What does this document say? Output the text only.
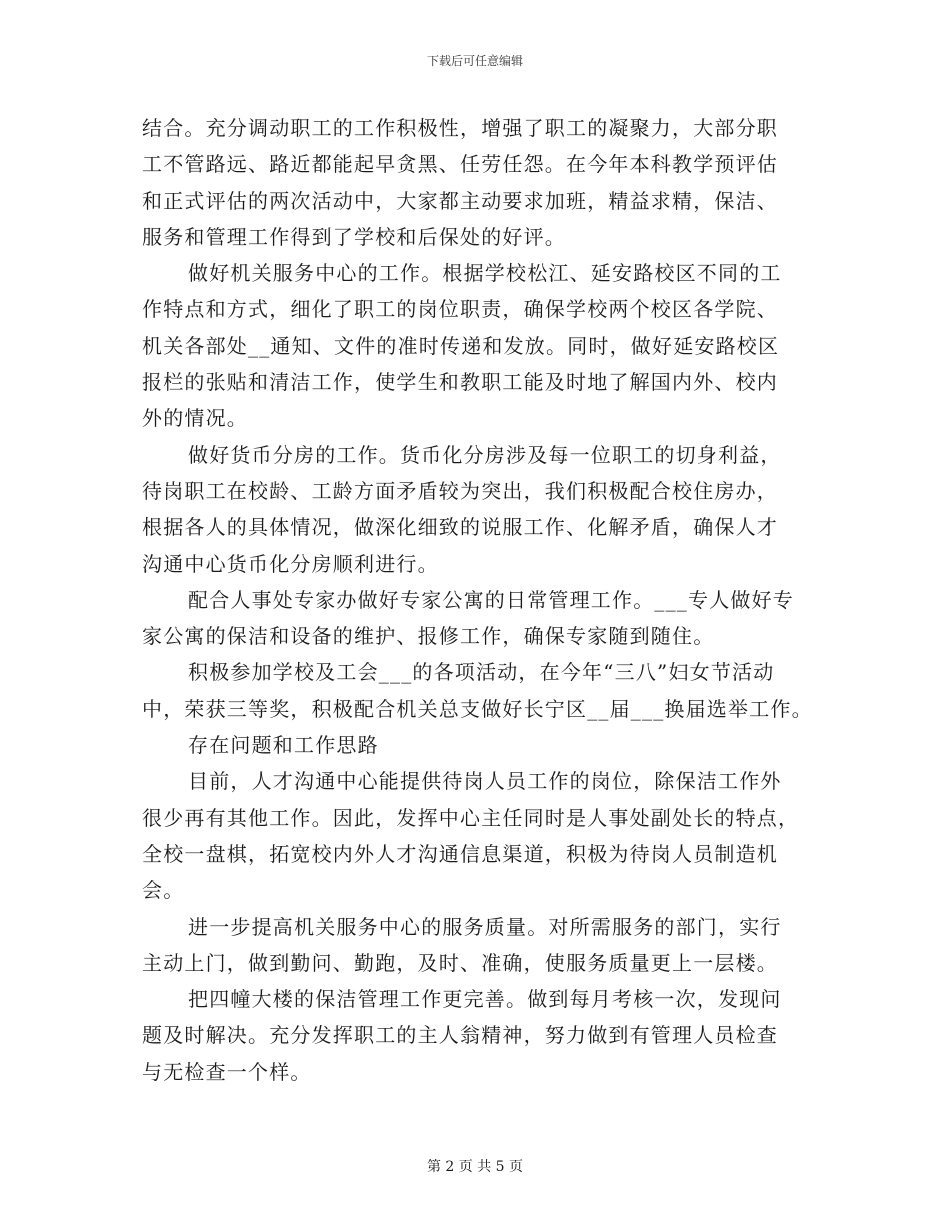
下载后可任意编辑
结合。充分调动职工的工作积极性，增强了职工的凝聚力，大部分职
工不管路远、路近都能起早贪黑、任劳任怨。在今年本科教学预评估
和正式评估的两次活动中，大家都主动要求加班，精益求精，保洁、
服务和管理工作得到了学校和后保处的好评。
做好机关服务中心的工作。根据学校松江、延安路校区不同的工
作特点和方式，细化了职工的岗位职责，确保学校两个校区各学院、
机关各部处__通知、文件的准时传递和发放。同时，做好延安路校区
报栏的张贴和清洁工作，使学生和教职工能及时地了解国内外、校内
外的情况。
做好货币分房的工作。货币化分房涉及每一位职工的切身利益，
待岗职工在校龄、工龄方面矛盾较为突出，我们积极配合校住房办，
根据各人的具体情况，做深化细致的说服工作、化解矛盾，确保人才
沟通中心货币化分房顺利进行。
配合人事处专家办做好专家公寓的日常管理工作。___专人做好专
家公寓的保洁和设备的维护、报修工作，确保专家随到随住。
积极参加学校及工会___的各项活动，在今年“三八”妇女节活动
中，荣获三等奖，积极配合机关总支做好长宁区__届___换届选举工作。
存在问题和工作思路
目前，人才沟通中心能提供待岗人员工作的岗位，除保洁工作外
很少再有其他工作。因此，发挥中心主任同时是人事处副处长的特点，
全校一盘棋，拓宽校内外人才沟通信息渠道，积极为待岗人员制造机
会。
进一步提高机关服务中心的服务质量。对所需服务的部门，实行
主动上门，做到勤问、勤跑，及时、准确，使服务质量更上一层楼。
把四幢大楼的保洁管理工作更完善。做到每月考核一次，发现问
题及时解决。充分发挥职工的主人翁精神，努力做到有管理人员检查
与无检查一个样。
第 2 页 共 5 页
